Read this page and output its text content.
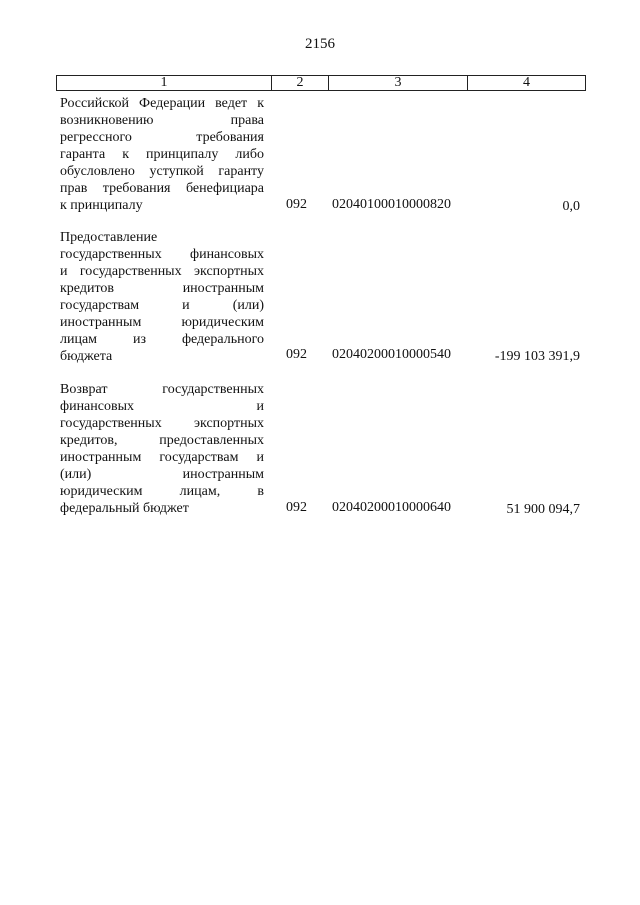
2156
1	2	3	4
Российской Федерации ведет к
возникновению права
регрессного требования
гаранта к принципалу либо
обусловлено уступкой гаранту
прав требования бенефициара
к принципалу	092 02040100010000820	0,0
Предоставление
государственных финансовых
и государственных экспортных
кредитов иностранным
государствам и (или)
иностранным юридическим
лицам из федерального
бюджета	092 02040200010000540	-199 103 391,9
Возврат государственных
финансовых и
государственных экспортных
кредитов, предоставленных
иностранным государствам и
(или) иностранным
юридическим лицам, в
федеральный бюджет	092 02040200010000640	51 900 094,7
